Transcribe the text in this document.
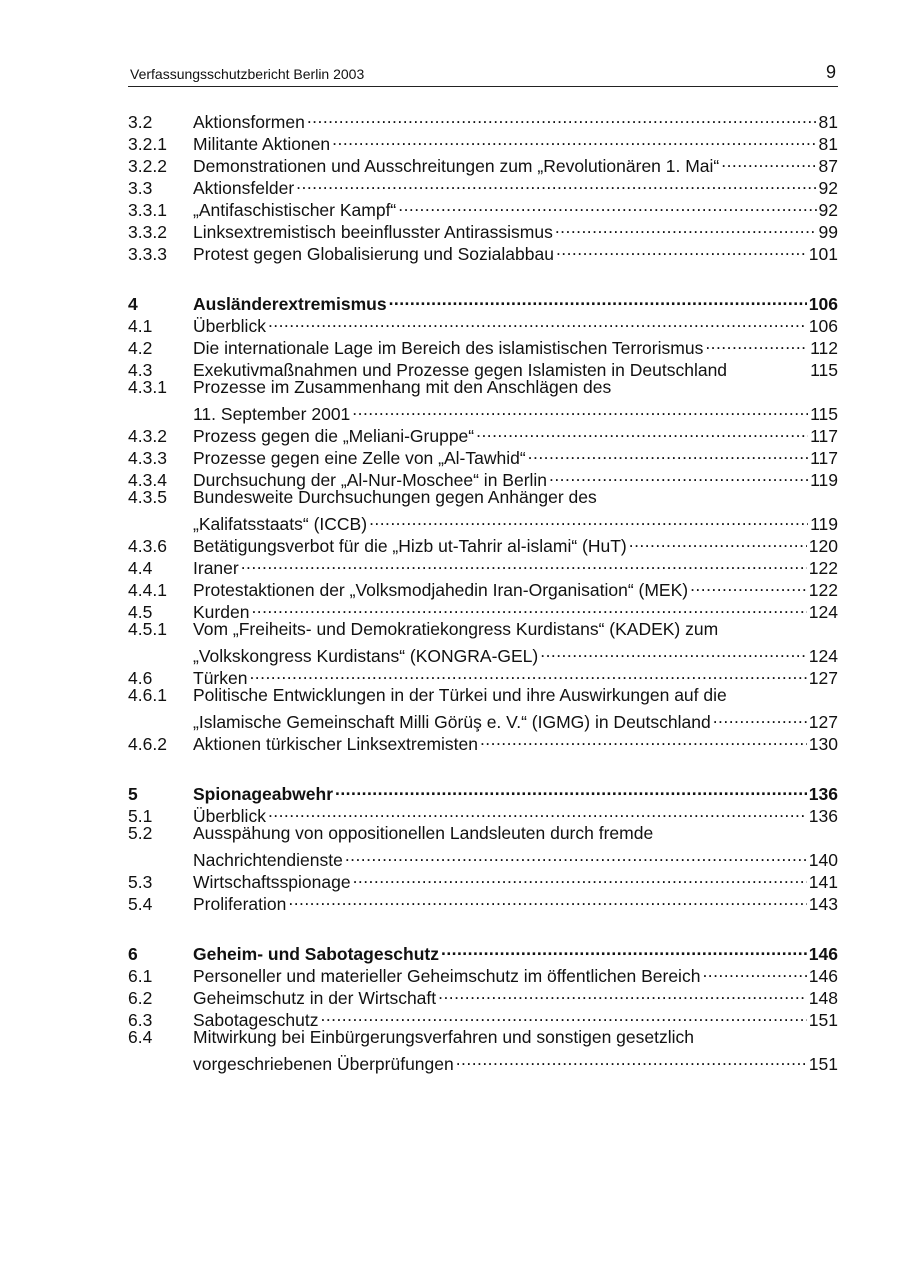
Verfassungsschutzbericht Berlin 2003	9
3.2	Aktionsformen . . .	81
3.2.1	Militante Aktionen . . .	81
3.2.2	Demonstrationen und Ausschreitungen zum „Revolutionären 1. Mai“ . . .	87
3.3	Aktionsfelder . . .	92
3.3.1	„Antifaschistischer Kampf“ . . .	92
3.3.2	Linksextremistisch beeinflusster Antirassismus . . .	99
3.3.3	Protest gegen Globalisierung und Sozialabbau . . .	101
4	Ausländerextremismus . . .	106
4.1	Überblick . . .	106
4.2	Die internationale Lage im Bereich des islamistischen Terrorismus . . .	112
4.3	Exekutivmaßnahmen und Prozesse gegen Islamisten in Deutschland	115
4.3.1	Prozesse im Zusammenhang mit den Anschlägen des
11. September 2001 . . .	115
4.3.2	Prozess gegen die „Meliani-Gruppe“ . . .	117
4.3.3	Prozesse gegen eine Zelle von „Al-Tawhid“ . . .	117
4.3.4	Durchsuchung der „Al-Nur-Moschee“ in Berlin . . .	119
4.3.5	Bundesweite Durchsuchungen gegen Anhänger des
„Kalifatsstaats“ (ICCB) . . .	119
4.3.6	Betätigungsverbot für die „Hizb ut-Tahrir al-islami“ (HuT) . . .	120
4.4	Iraner . . .	122
4.4.1	Protestaktionen der „Volksmodjahedin Iran-Organisation“ (MEK) . . .	122
4.5	Kurden . . .	124
4.5.1	Vom „Freiheits- und Demokratiekongress Kurdistans“ (KADEK) zum
„Volkskongress Kurdistans“ (KONGRA-GEL) . . .	124
4.6	Türken . . .	127
4.6.1	Politische Entwicklungen in der Türkei und ihre Auswirkungen auf die
„Islamische Gemeinschaft Milli Görüş e. V.“ (IGMG) in Deutschland . . .	127
4.6.2	Aktionen türkischer Linksextremisten . . .	130
5	Spionageabwehr . . .	136
5.1	Überblick . . .	136
5.2	Ausspähung von oppositionellen Landsleuten durch fremde
Nachrichtendienste . . .	140
5.3	Wirtschaftsspionage . . .	141
5.4	Proliferation . . .	143
6	Geheim- und Sabotageschutz . . .	146
6.1	Personeller und materieller Geheimschutz im öffentlichen Bereich . . .	146
6.2	Geheimschutz in der Wirtschaft . . .	148
6.3	Sabotageschutz . . .	151
6.4	Mitwirkung bei Einbürgerungsverfahren und sonstigen gesetzlich
vorgeschriebenen Überprüfungen . . .	151
